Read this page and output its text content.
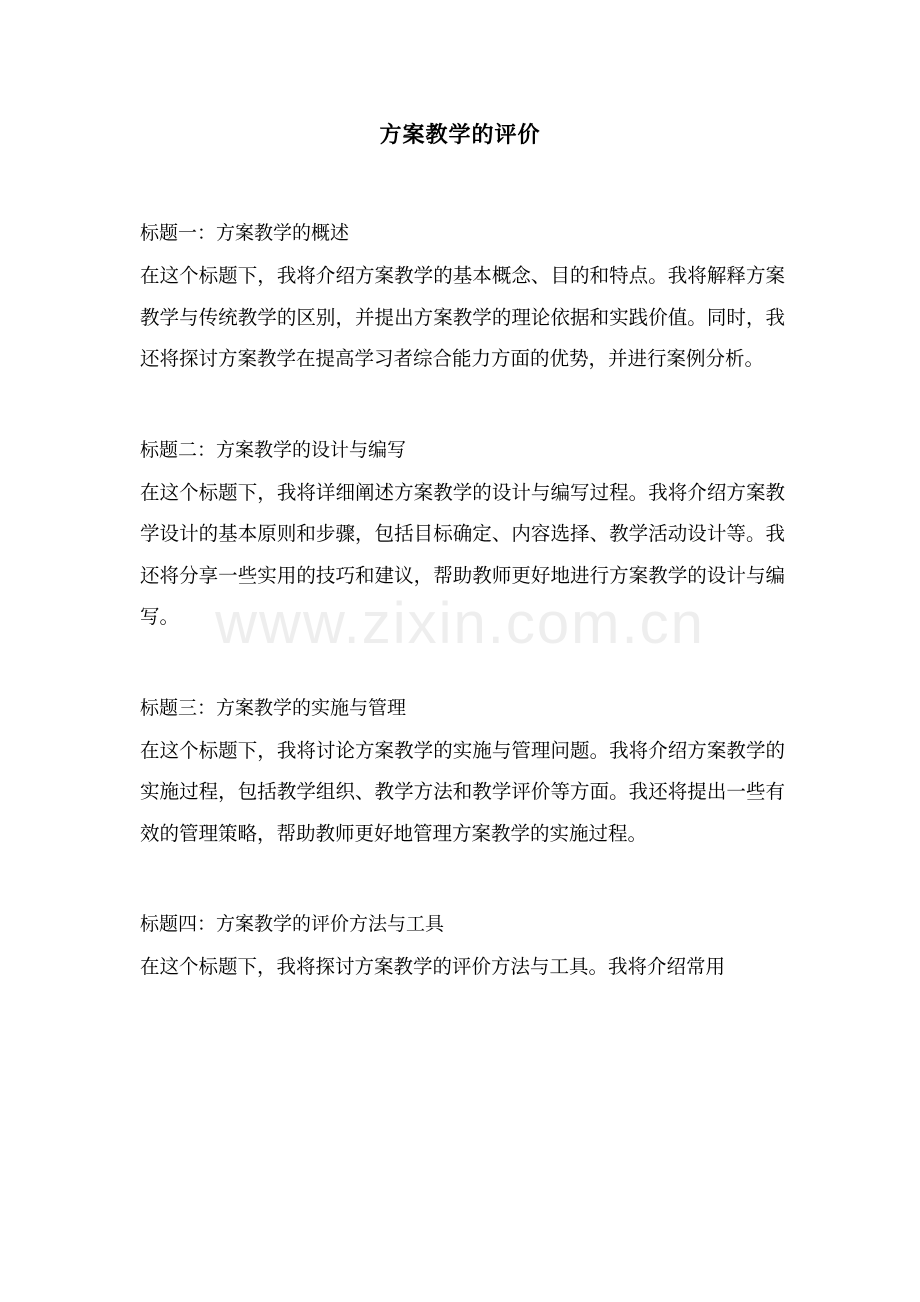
方案教学的评价
标题一：方案教学的概述

在这个标题下，我将介绍方案教学的基本概念、目的和特点。我将解释方案教学与传统教学的区别，并提出方案教学的理论依据和实践价值。同时，我还将探讨方案教学在提高学习者综合能力方面的优势，并进行案例分析。

标题二：方案教学的设计与编写

在这个标题下，我将详细阐述方案教学的设计与编写过程。我将介绍方案教学设计的基本原则和步骤，包括目标确定、内容选择、教学活动设计等。我还将分享一些实用的技巧和建议，帮助教师更好地进行方案教学的设计与编写。

标题三：方案教学的实施与管理

在这个标题下，我将讨论方案教学的实施与管理问题。我将介绍方案教学的实施过程，包括教学组织、教学方法和教学评价等方面。我还将提出一些有效的管理策略，帮助教师更好地管理方案教学的实施过程。

标题四：方案教学的评价方法与工具

在这个标题下，我将探讨方案教学的评价方法与工具。我将介绍常用

www.zixin.com.cn
